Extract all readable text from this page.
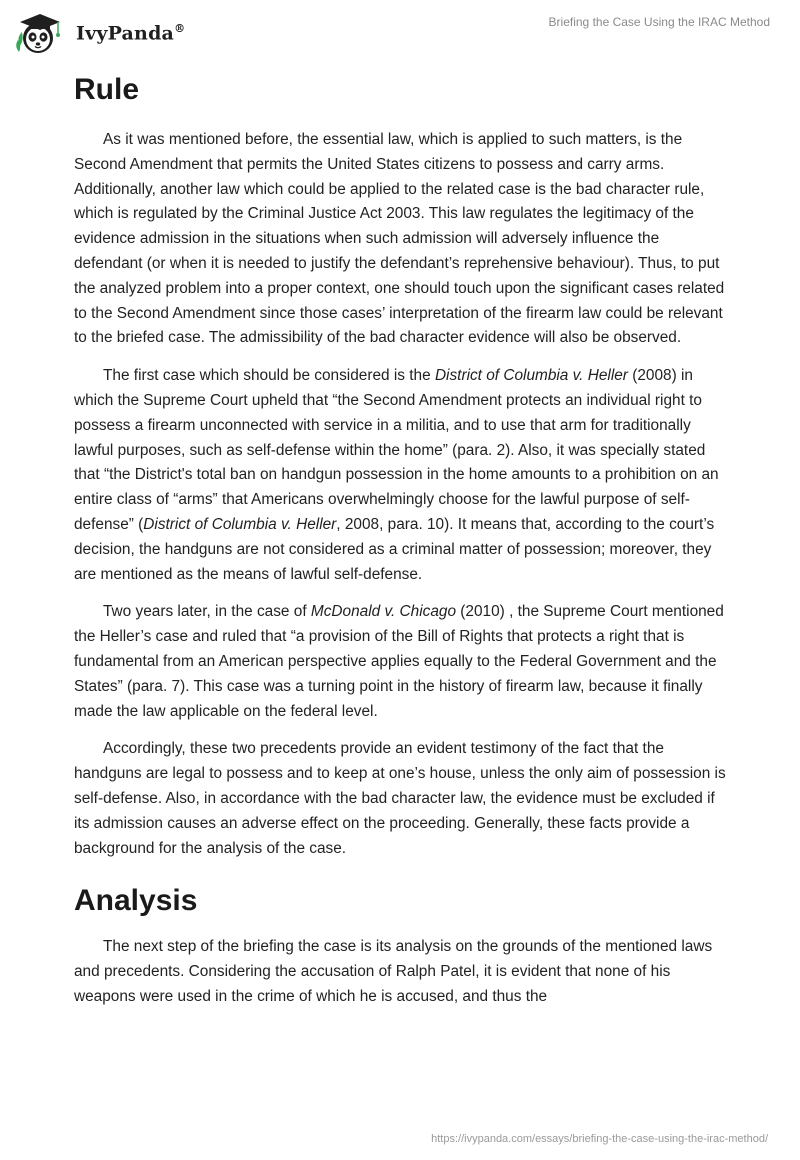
IvyPanda®	Briefing the Case Using the IRAC Method
Rule

As it was mentioned before, the essential law, which is applied to such matters, is the Second Amendment that permits the United States citizens to possess and carry arms. Additionally, another law which could be applied to the related case is the bad character rule, which is regulated by the Criminal Justice Act 2003. This law regulates the legitimacy of the evidence admission in the situations when such admission will adversely influence the defendant (or when it is needed to justify the defendant’s reprehensive behaviour). Thus, to put the analyzed problem into a proper context, one should touch upon the significant cases related to the Second Amendment since those cases’ interpretation of the firearm law could be relevant to the briefed case. The admissibility of the bad character evidence will also be observed.

The first case which should be considered is the District of Columbia v. Heller (2008) in which the Supreme Court upheld that “the Second Amendment protects an individual right to possess a firearm unconnected with service in a militia, and to use that arm for traditionally lawful purposes, such as self-defense within the home” (para. 2). Also, it was specially stated that “the District's total ban on handgun possession in the home amounts to a prohibition on an entire class of “arms” that Americans overwhelmingly choose for the lawful purpose of self-defense” (District of Columbia v. Heller, 2008, para. 10). It means that, according to the court’s decision, the handguns are not considered as a criminal matter of possession; moreover, they are mentioned as the means of lawful self-defense.

Two years later, in the case of McDonald v. Chicago (2010) , the Supreme Court mentioned the Heller’s case and ruled that “a provision of the Bill of Rights that protects a right that is fundamental from an American perspective applies equally to the Federal Government and the States” (para. 7). This case was a turning point in the history of firearm law, because it finally made the law applicable on the federal level.

Accordingly, these two precedents provide an evident testimony of the fact that the handguns are legal to possess and to keep at one’s house, unless the only aim of possession is self-defense. Also, in accordance with the bad character law, the evidence must be excluded if its admission causes an adverse effect on the proceeding. Generally, these facts provide a background for the analysis of the case.

Analysis

The next step of the briefing the case is its analysis on the grounds of the mentioned laws and precedents. Considering the accusation of Ralph Patel, it is evident that none of his weapons were used in the crime of which he is accused, and thus the

https://ivypanda.com/essays/briefing-the-case-using-the-irac-method/
